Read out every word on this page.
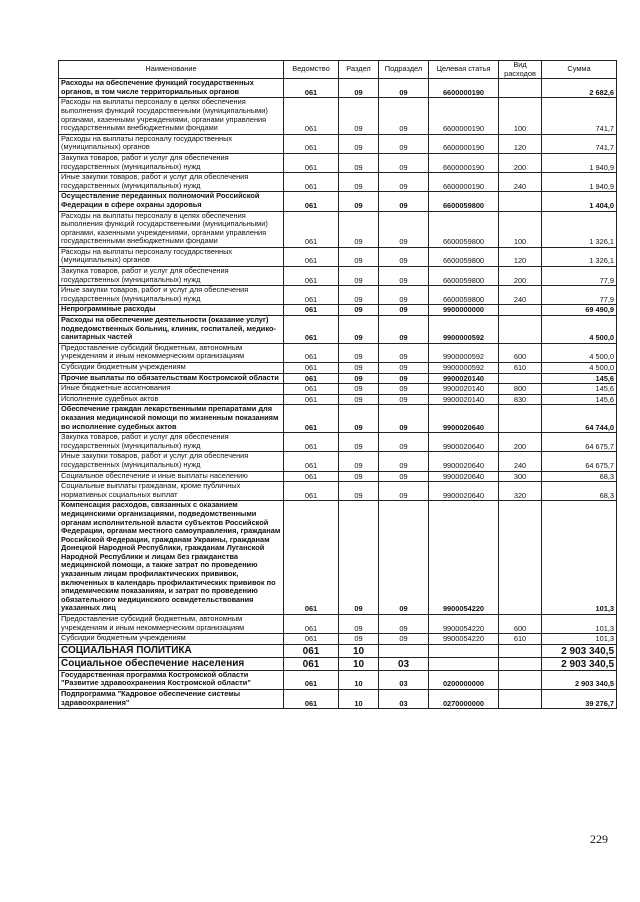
Наименование	Ведомство	Раздел	Подраздел	Целевая статья	Вид расходов	Сумма
Расходы на обеспечение функций государственных органов, в том числе территориальных органов	061	09	09	6600000190		2 682,6
Расходы на выплаты персоналу в целях обеспечения выполнения функций государственными (муниципальными) органами, казенными учреждениями, органами управления государственными внебюджетными фондами	061	09	09	6600000190	100	741,7
Расходы на выплаты персоналу государственных (муниципальных) органов	061	09	09	6600000190	120	741,7
Закупка товаров, работ и услуг для обеспечения государственных (муниципальных) нужд	061	09	09	6600000190	200	1 940,9
Иные закупки товаров, работ и услуг для обеспечения государственных (муниципальных) нужд	061	09	09	6600000190	240	1 940,9
Осуществление переданных полномочий Российской Федерации в сфере охраны здоровья	061	09	09	6600059800		1 404,0
Расходы на выплаты персоналу в целях обеспечения выполнения функций государственными (муниципальными) органами, казенными учреждениями, органами управления государственными внебюджетными фондами	061	09	09	6600059800	100	1 326,1
Расходы на выплаты персоналу государственных (муниципальных) органов	061	09	09	6600059800	120	1 326,1
Закупка товаров, работ и услуг для обеспечения государственных (муниципальных) нужд	061	09	09	6600059800	200	77,9
Иные закупки товаров, работ и услуг для обеспечения государственных (муниципальных) нужд	061	09	09	6600059800	240	77,9
Непрограммные расходы	061	09	09	9900000000		69 490,9
Расходы на обеспечение деятельности (оказание услуг) подведомственных больниц, клиник, госпиталей, медико-санитарных частей	061	09	09	9900000592		4 500,0
Предоставление субсидий бюджетным, автономным учреждениям и иным некоммерческим организациям	061	09	09	9900000592	600	4 500,0
Субсидии бюджетным учреждениям	061	09	09	9900000592	610	4 500,0
Прочие выплаты по обязательствам Костромской области	061	09	09	9900020140		145,6
Иные бюджетные ассигнования	061	09	09	9900020140	800	145,6
Исполнение судебных актов	061	09	09	9900020140	830	145,6
Обеспечение граждан лекарственными препаратами для оказания медицинской помощи по жизненным показаниям во исполнение судебных актов	061	09	09	9900020640		64 744,0
Закупка товаров, работ и услуг для обеспечения государственных (муниципальных) нужд	061	09	09	9900020640	200	64 675,7
Иные закупки товаров, работ и услуг для обеспечения государственных (муниципальных) нужд	061	09	09	9900020640	240	64 675,7
Социальное обеспечение и иные выплаты населению	061	09	09	9900020640	300	68,3
Социальные выплаты гражданам, кроме публичных нормативных социальных выплат	061	09	09	9900020640	320	68,3
Компенсация расходов, связанных с оказанием медицинскими организациями, подведомственными органам исполнительной власти субъектов Российской Федерации, органам местного самоуправления, гражданам Российской Федерации, гражданам Украины, гражданам Донецкой Народной Республики, гражданам Луганской Народной Республики и лицам без гражданства медицинской помощи, а также затрат по проведению указанным лицам профилактических прививок, включенных в календарь профилактических прививок по эпидемическим показаниям, и затрат по проведению обязательного медицинского освидетельствования указанных лиц	061	09	09	9900054220		101,3
Предоставление субсидий бюджетным, автономным учреждениям и иным некоммерческим организациям	061	09	09	9900054220	600	101,3
Субсидии бюджетным учреждениям	061	09	09	9900054220	610	101,3
СОЦИАЛЬНАЯ ПОЛИТИКА	061	10				2 903 340,5
Социальное обеспечение населения	061	10	03			2 903 340,5
Государственная программа Костромской области "Развитие здравоохранения Костромской области"	061	10	03	0200000000		2 903 340,5
Подпрограмма "Кадровое обеспечение системы здравоохранения"	061	10	03	0270000000		39 276,7
229
